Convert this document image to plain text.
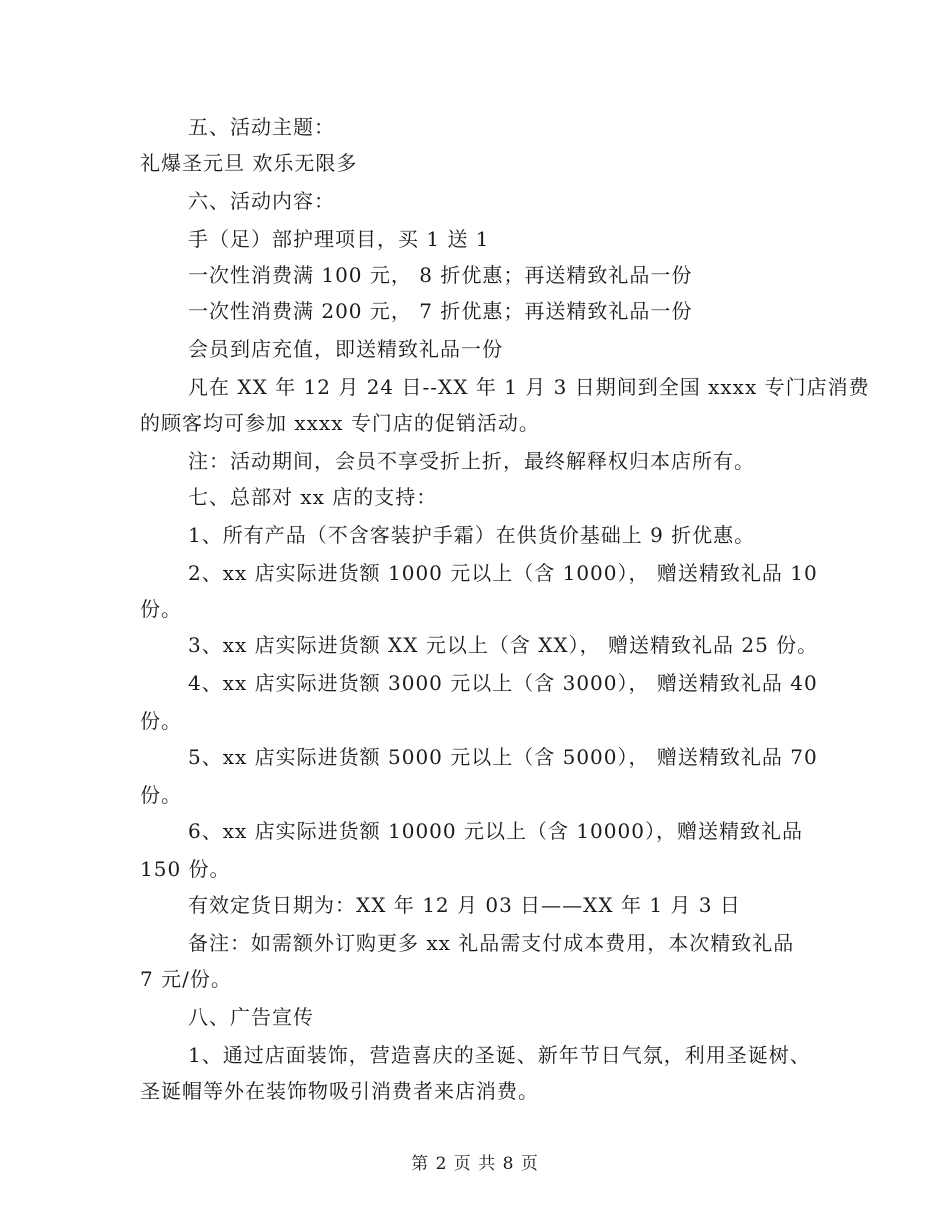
五、活动主题：
礼爆圣元旦 欢乐无限多
六、活动内容：
手（足）部护理项目，买 1 送 1
一次性消费满 100 元， 8 折优惠；再送精致礼品一份
一次性消费满 200 元， 7 折优惠；再送精致礼品一份
会员到店充值，即送精致礼品一份
凡在 XX 年 12 月 24 日--XX 年 1 月 3 日期间到全国 xxxx 专门店消费
的顾客均可参加 xxxx 专门店的促销活动。
注：活动期间，会员不享受折上折，最终解释权归本店所有。
七、总部对 xx 店的支持：
1、所有产品（不含客装护手霜）在供货价基础上 9 折优惠。
2、xx 店实际进货额 1000 元以上（含 1000）， 赠送精致礼品 10
份。
3、xx 店实际进货额 XX 元以上（含 XX）， 赠送精致礼品 25 份。
4、xx 店实际进货额 3000 元以上（含 3000）， 赠送精致礼品 40
份。
5、xx 店实际进货额 5000 元以上（含 5000）， 赠送精致礼品 70
份。
6、xx 店实际进货额 10000 元以上（含 10000），赠送精致礼品
150 份。
有效定货日期为：XX 年 12 月 03 日——XX 年 1 月 3 日
备注：如需额外订购更多 xx 礼品需支付成本费用，本次精致礼品
7 元/份。
八、广告宣传
1、通过店面装饰，营造喜庆的圣诞、新年节日气氛，利用圣诞树、
圣诞帽等外在装饰物吸引消费者来店消费。
第 2 页 共 8 页
